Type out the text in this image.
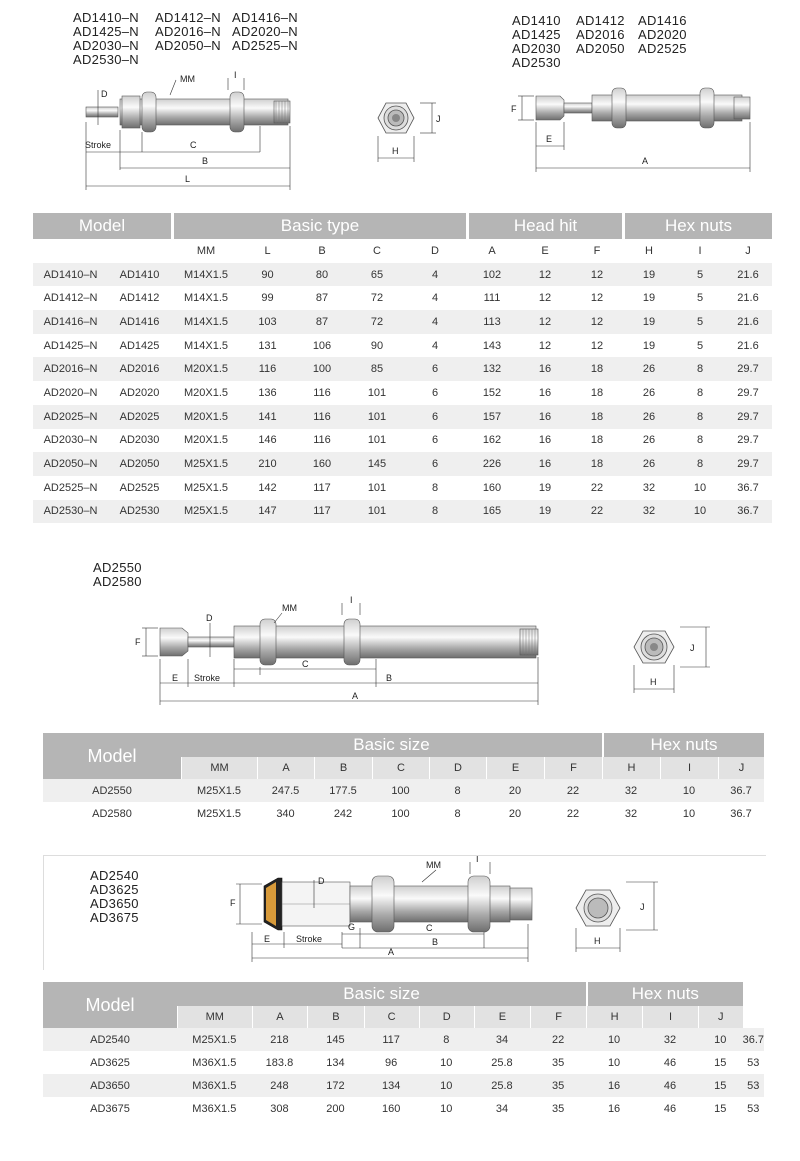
AD1410–N AD1412–N AD1416–N
AD1425–N AD2016–N AD2020–N
AD2030–N AD2050–N AD2525–N
AD2530–N
AD1410 AD1412 AD1416
AD1425 AD2016 AD2020
AD2030 AD2050 AD2525
AD2530
D
MM	I
Stroke	C
B
L
H
J
F
E
A
Model		Basic type					Head hit			Hex nuts		
		MM	L	B	C	D	A	E	F	H	I	J
AD1410–N	AD1410	M14X1.5	90	80	65	4	102	12	12	19	5	21.6
AD1412–N	AD1412	M14X1.5	99	87	72	4	111	12	12	19	5	21.6
AD1416–N	AD1416	M14X1.5	103	87	72	4	113	12	12	19	5	21.6
AD1425–N	AD1425	M14X1.5	131	106	90	4	143	12	12	19	5	21.6
AD2016–N	AD2016	M20X1.5	116	100	85	6	132	16	18	26	8	29.7
AD2020–N	AD2020	M20X1.5	136	116	101	6	152	16	18	26	8	29.7
AD2025–N	AD2025	M20X1.5	141	116	101	6	157	16	18	26	8	29.7
AD2030–N	AD2030	M20X1.5	146	116	101	6	162	16	18	26	8	29.7
AD2050–N	AD2050	M25X1.5	210	160	145	6	226	16	18	26	8	29.7
AD2525–N	AD2525	M25X1.5	142	117	101	8	160	19	22	32	10	36.7
AD2530–N	AD2530	M25X1.5	147	117	101	8	165	19	22	32	10	36.7
AD2550
AD2580
F
D
MM
I
E Stroke
C
B
A
H
J
Model	Basic size							Hex nuts		
	MM	A	B	C	D	E	F	H	I	J
AD2550	M25X1.5	247.5	177.5	100	8	20	22	32	10	36.7
AD2580	M25X1.5	340	242	100	8	20	22	32	10	36.7
AD2540
AD3625
AD3650
AD3675
F
D
MM
I
E	Stroke
G	C
B
A
H
J
Model	Basic size							Hex nuts			
	MM	A	B	C	D	E	F	H	I	J	
AD2540	M25X1.5	218	145	117	8	34	22	10	32	10	36.7
AD3625	M36X1.5	183.8	134	96	10	25.8	35	10	46	15	53
AD3650	M36X1.5	248	172	134	10	25.8	35	16	46	15	53
AD3675	M36X1.5	308	200	160	10	34	35	16	46	15	53
